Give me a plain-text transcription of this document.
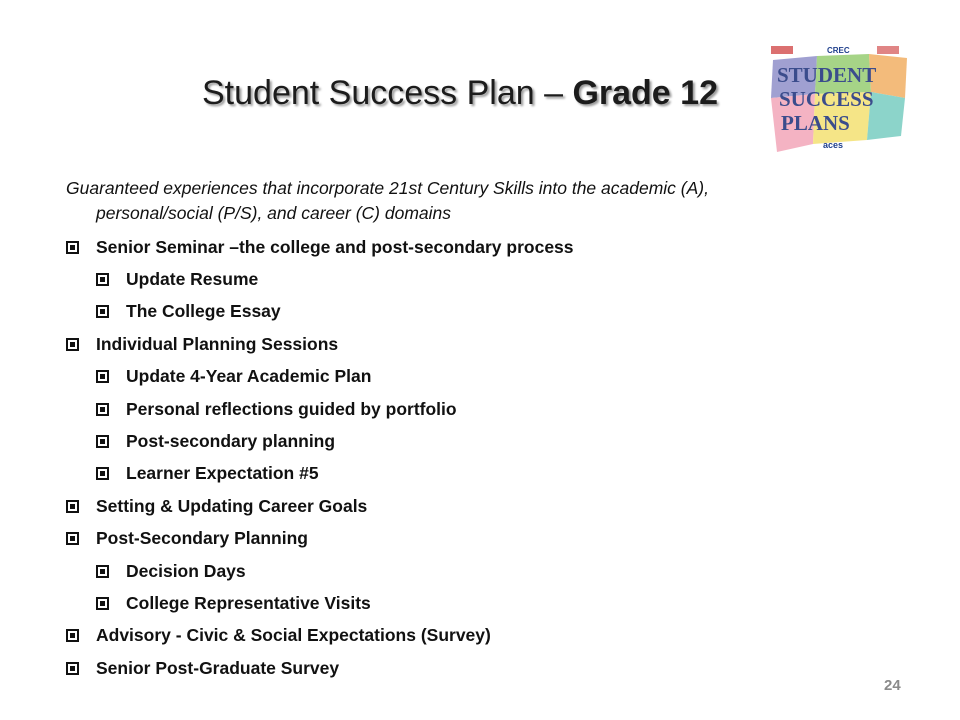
Student Success Plan – Grade 12
CREC
STUDENT
SUCCESS
PLANS
aces
Guaranteed experiences that incorporate 21st Century Skills into the academic (A),
personal/social (P/S), and career (C) domains
Senior Seminar –the college and post-secondary process
Update Resume
The College Essay
Individual Planning Sessions
Update 4-Year Academic Plan
Personal reflections guided by portfolio
Post-secondary planning
Learner Expectation #5
Setting & Updating Career Goals
Post-Secondary Planning
Decision Days
College Representative Visits
Advisory - Civic & Social Expectations (Survey)
Senior Post-Graduate Survey
24
